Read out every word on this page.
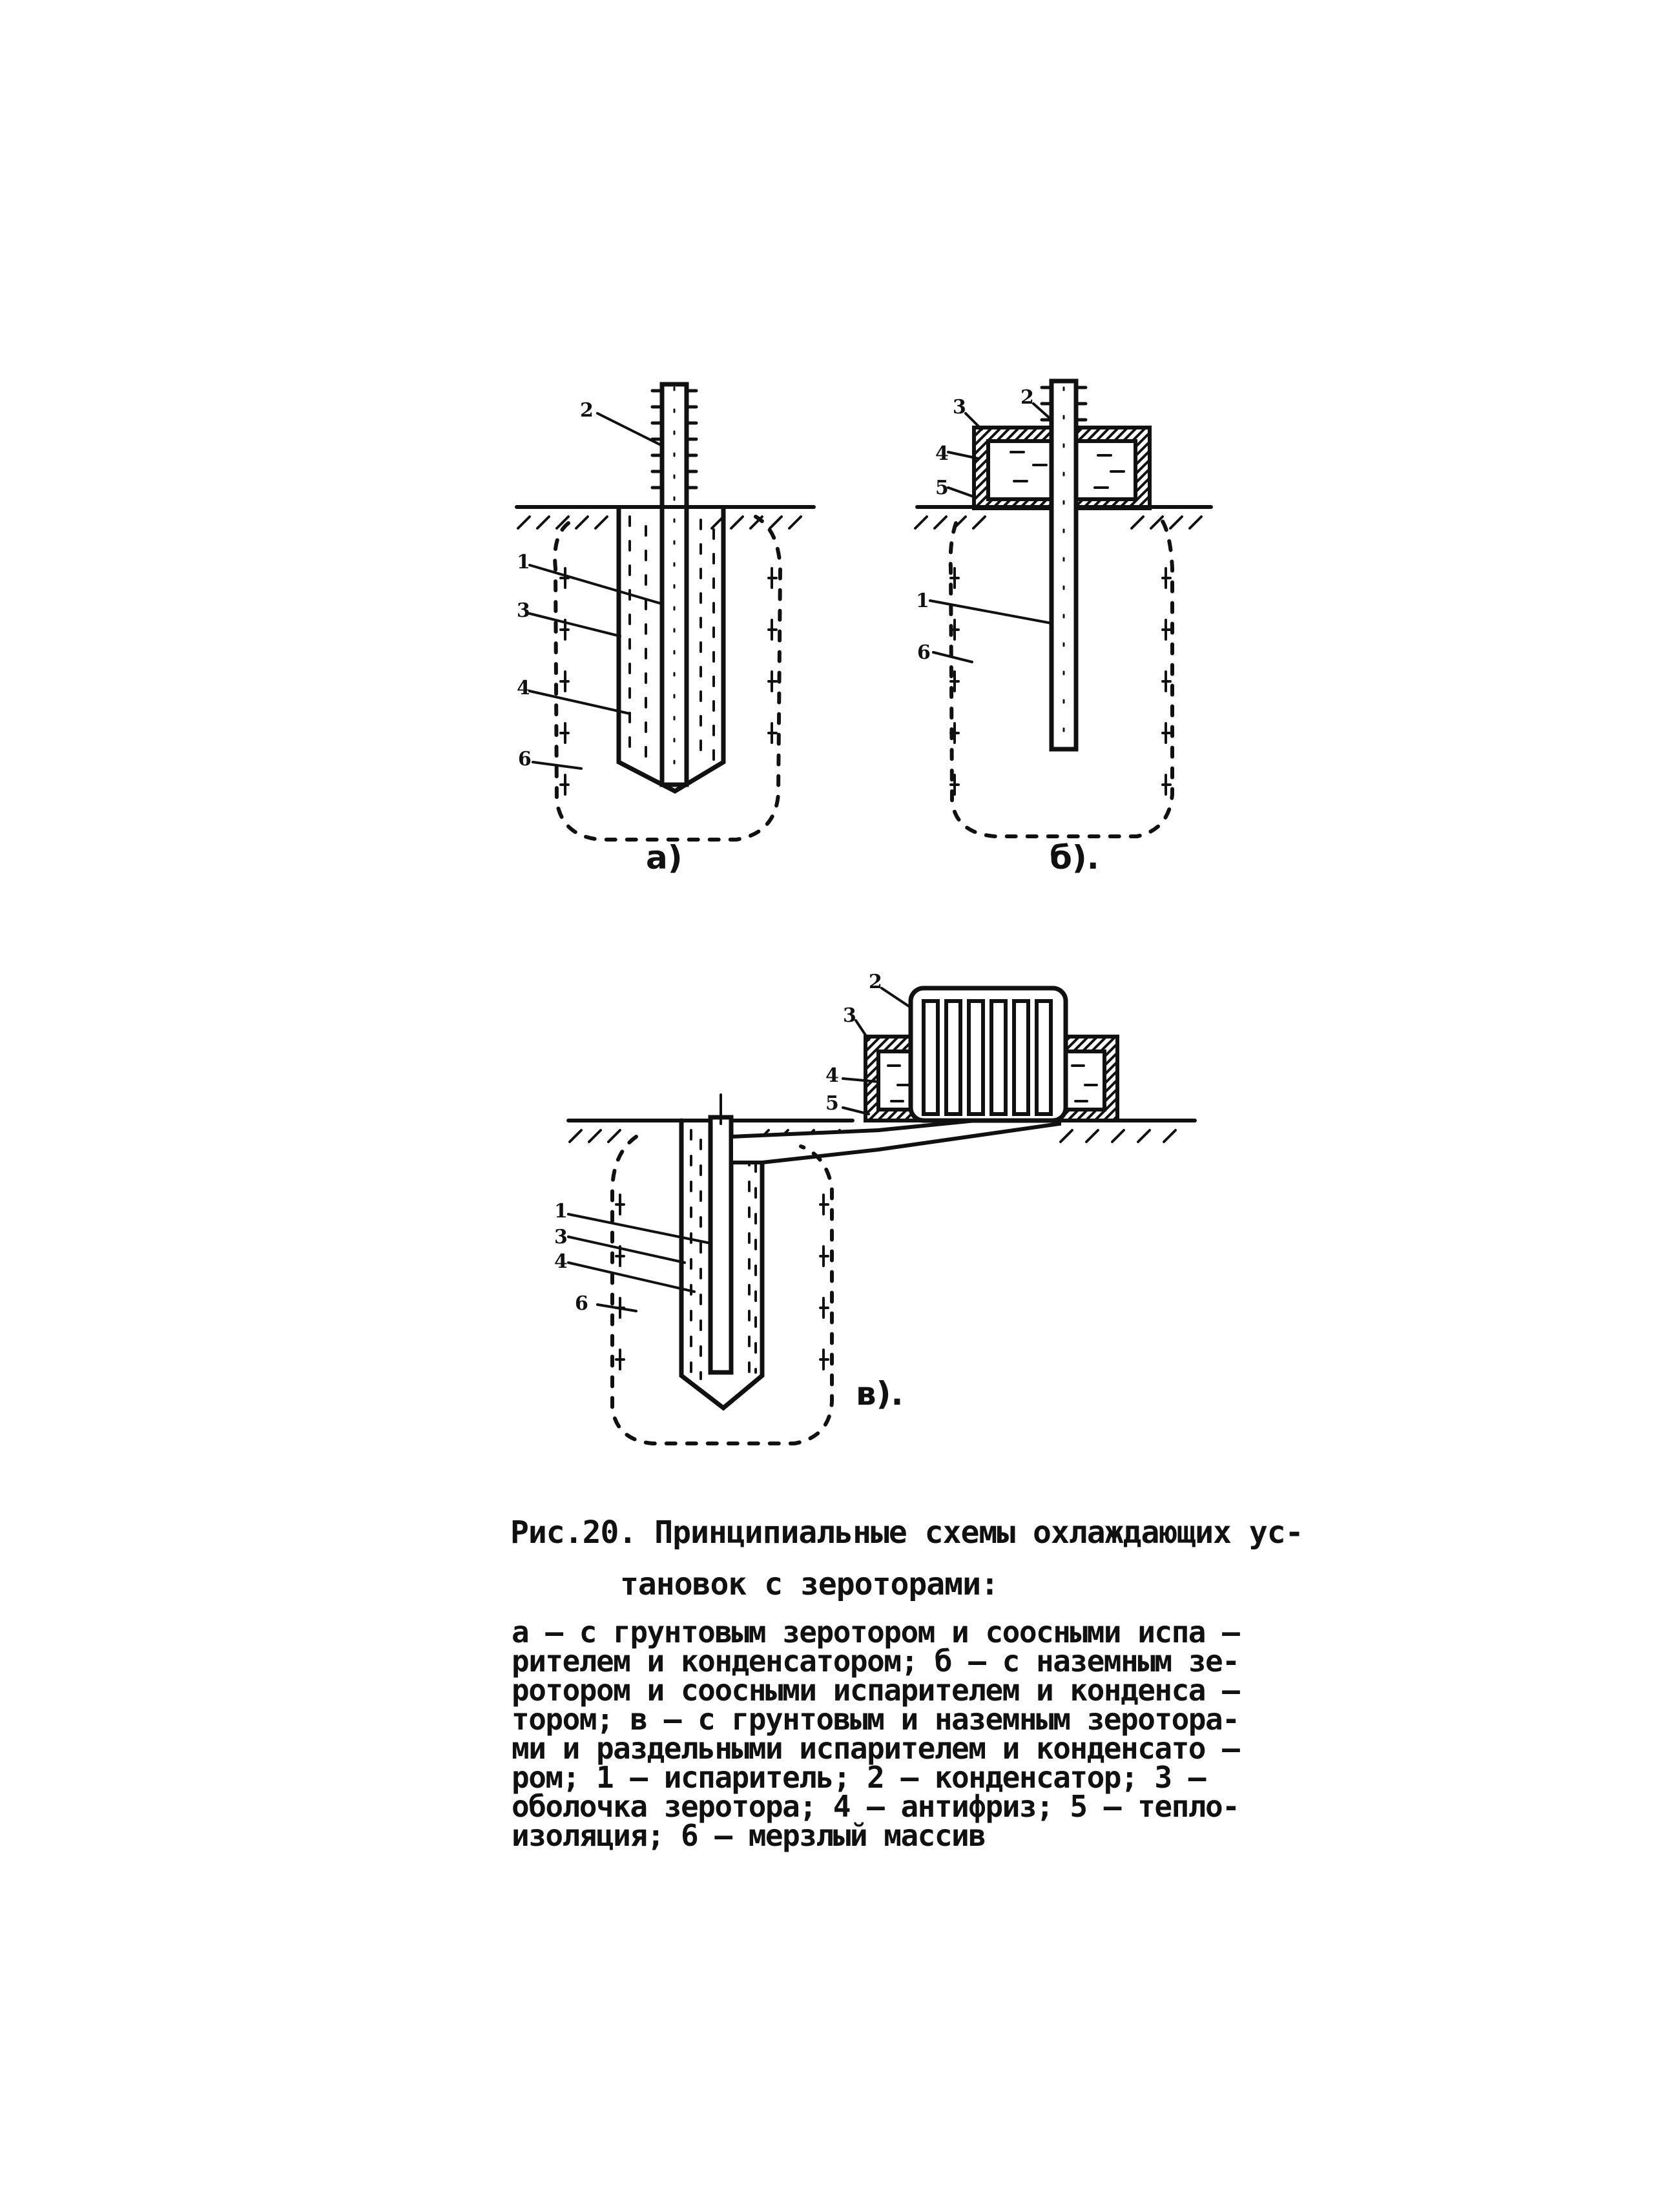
2
1
3
4
6
3	2
4
5
1
6
2
3
4
5
1
3
4
6
а)	б).
в).
Рис.20. Принципиальные схемы охлаждающих ус-
тановок с зероторами:
а – с грунтовым зеротором и соосными испа –
рителем и конденсатором; б – с наземным зе-
ротором и соосными испарителем и конденса –
тором; в – с грунтовым и наземным зеротора-
ми и раздельными испарителем и конденсато –
ром; 1 – испаритель; 2 – конденсатор; 3 –
оболочка зеротора; 4 – антифриз; 5 – тепло-
изоляция; 6 – мерзлый массив
